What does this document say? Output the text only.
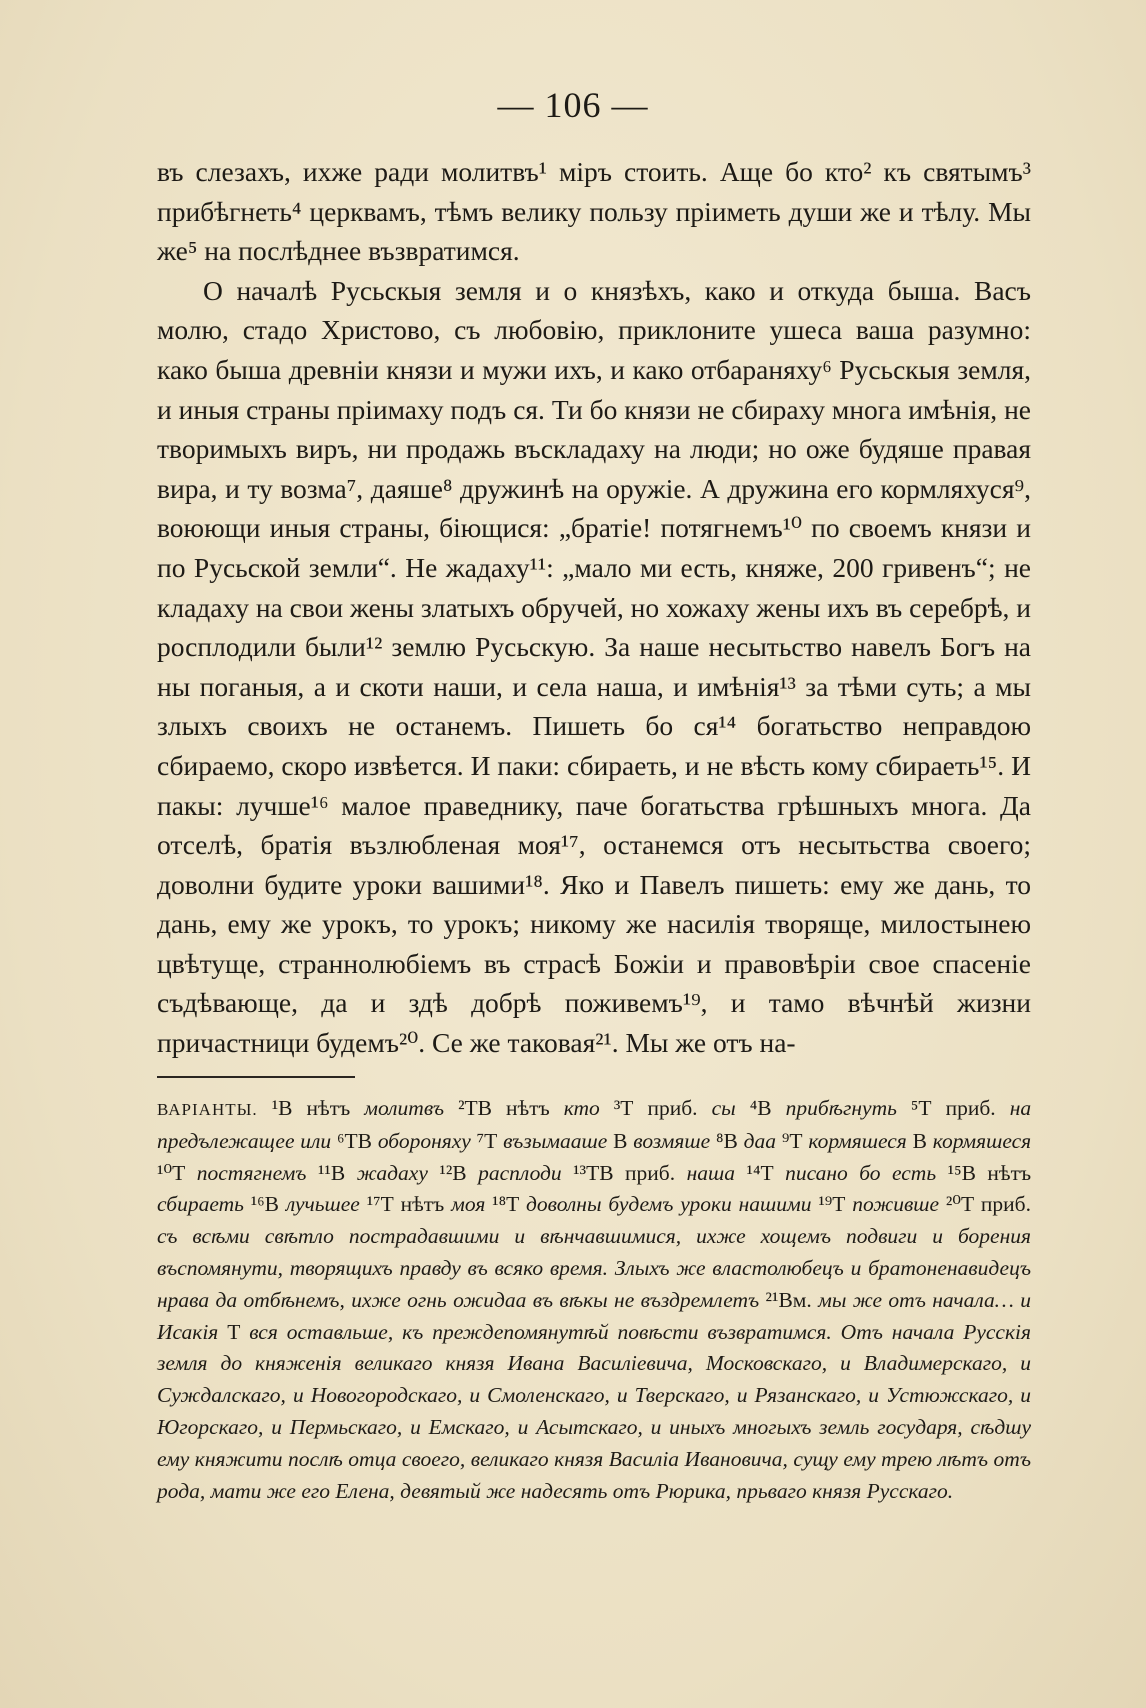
— 106 —

въ слезахъ, ихже ради молитвъ¹ міръ стоить. Аще бо кто² къ святымъ³ прибѣгнеть⁴ церквамъ, тѣмъ велику пользу пріиметь души же и тѣлу. Мы же⁵ на послѣднее възвратимся.

О началѣ Русьскыя земля и о князѣхъ, како и откуда быша. Васъ молю, стадо Христово, съ любовію, приклоните ушеса ваша разумно: како быша древніи князи и мужи ихъ, и како отбараняху⁶ Русьскыя земля, и иныя страны пріимаху подъ ся. Ти бо князи не сбираху многа имѣнія, не творимыхъ виръ, ни продажь въскладаху на люди; но оже будяше правая вира, и ту возма⁷, даяше⁸ дружинѣ на оружіе. А дружина его кормляхуся⁹, воюющи иныя страны, біющися: „братіе! потягнемъ¹⁰ по своемъ князи и по Русьской земли“. Не жадаху¹¹: „мало ми есть, княже, 200 гривенъ“; не кладаху на свои жены златыхъ обручей, но хожаху жены ихъ въ серебрѣ, и росплодили были¹² землю Русьскую. За наше несытьство навелъ Богъ на ны поганыя, а и скоти наши, и села наша, и имѣнія¹³ за тѣми суть; а мы злыхъ своихъ не останемъ. Пишеть бо ся¹⁴ богатьство неправдою сбираемо, скоро извѣется. И паки: сбираеть, и не вѣсть кому сбираеть¹⁵. И пакы: лучше¹⁶ малое праведнику, паче богатьства грѣшныхъ многа. Да отселѣ, братія възлюбленая моя¹⁷, останемся отъ несытьства своего; доволни будите уроки вашими¹⁸. Яко и Павелъ пишеть: ему же дань, то дань, ему же урокъ, то урокъ; никому же насилія творяще, милостынею цвѣтуще, страннолюбіемъ въ страсѣ Божіи и правовѣріи свое спасеніе съдѣвающе, да и здѣ добрѣ поживемъ¹⁹, и тамо вѣчнѣй жизни причастници будемъ²⁰. Се же таковая²¹. Мы же отъ на-

ВАРІАНТЫ. ¹В нѣтъ молитвъ ²ТВ нѣтъ кто ³Т приб. сы ⁴В прибѣгнуть ⁵Т приб. на предълежащее или ⁶ТВ обороняху ⁷Т възымааше В возмяше ⁸В даа ⁹Т кормяшеся В кормяшеся ¹⁰Т постягнемъ ¹¹В жадаху ¹²В расплоди ¹³ТВ приб. наша ¹⁴Т писано бо есть ¹⁵В нѣтъ сбираеть ¹⁶В лучьшее ¹⁷Т нѣтъ моя ¹⁸Т доволны будемъ уроки нашими ¹⁹Т поживше ²⁰Т приб. съ всѣми свѣтло пострадавшими и вѣнчавшимися, ихже хощемъ подвиги и борения въспомянути, творящихъ правду въ всяко время. Злыхъ же властолюбецъ и братоненавидецъ нрава да отбѣнемъ, ихже огнь ожидаа въ вѣкы не въздремлетъ ²¹Вм. мы же отъ начала… и Исакія Т вся оставльше, къ преждепомянутѣй повѣсти възвратимся. Отъ начала Русскія земля до княженія великаго князя Ивана Василіевича, Московскаго, и Владимерскаго, и Суждалскаго, и Новогородскаго, и Смоленскаго, и Тверскаго, и Рязанскаго, и Устюжскаго, и Югорскаго, и Пермьскаго, и Емскаго, и Асытскаго, и иныхъ многыхъ земль государя, сѣдшу ему княжити послѣ отца своего, великаго князя Василіа Ивановича, сущу ему трею лѣтъ отъ рода, мати же его Елена, девятый же надесять отъ Рюрика, прьваго князя Русскаго.
